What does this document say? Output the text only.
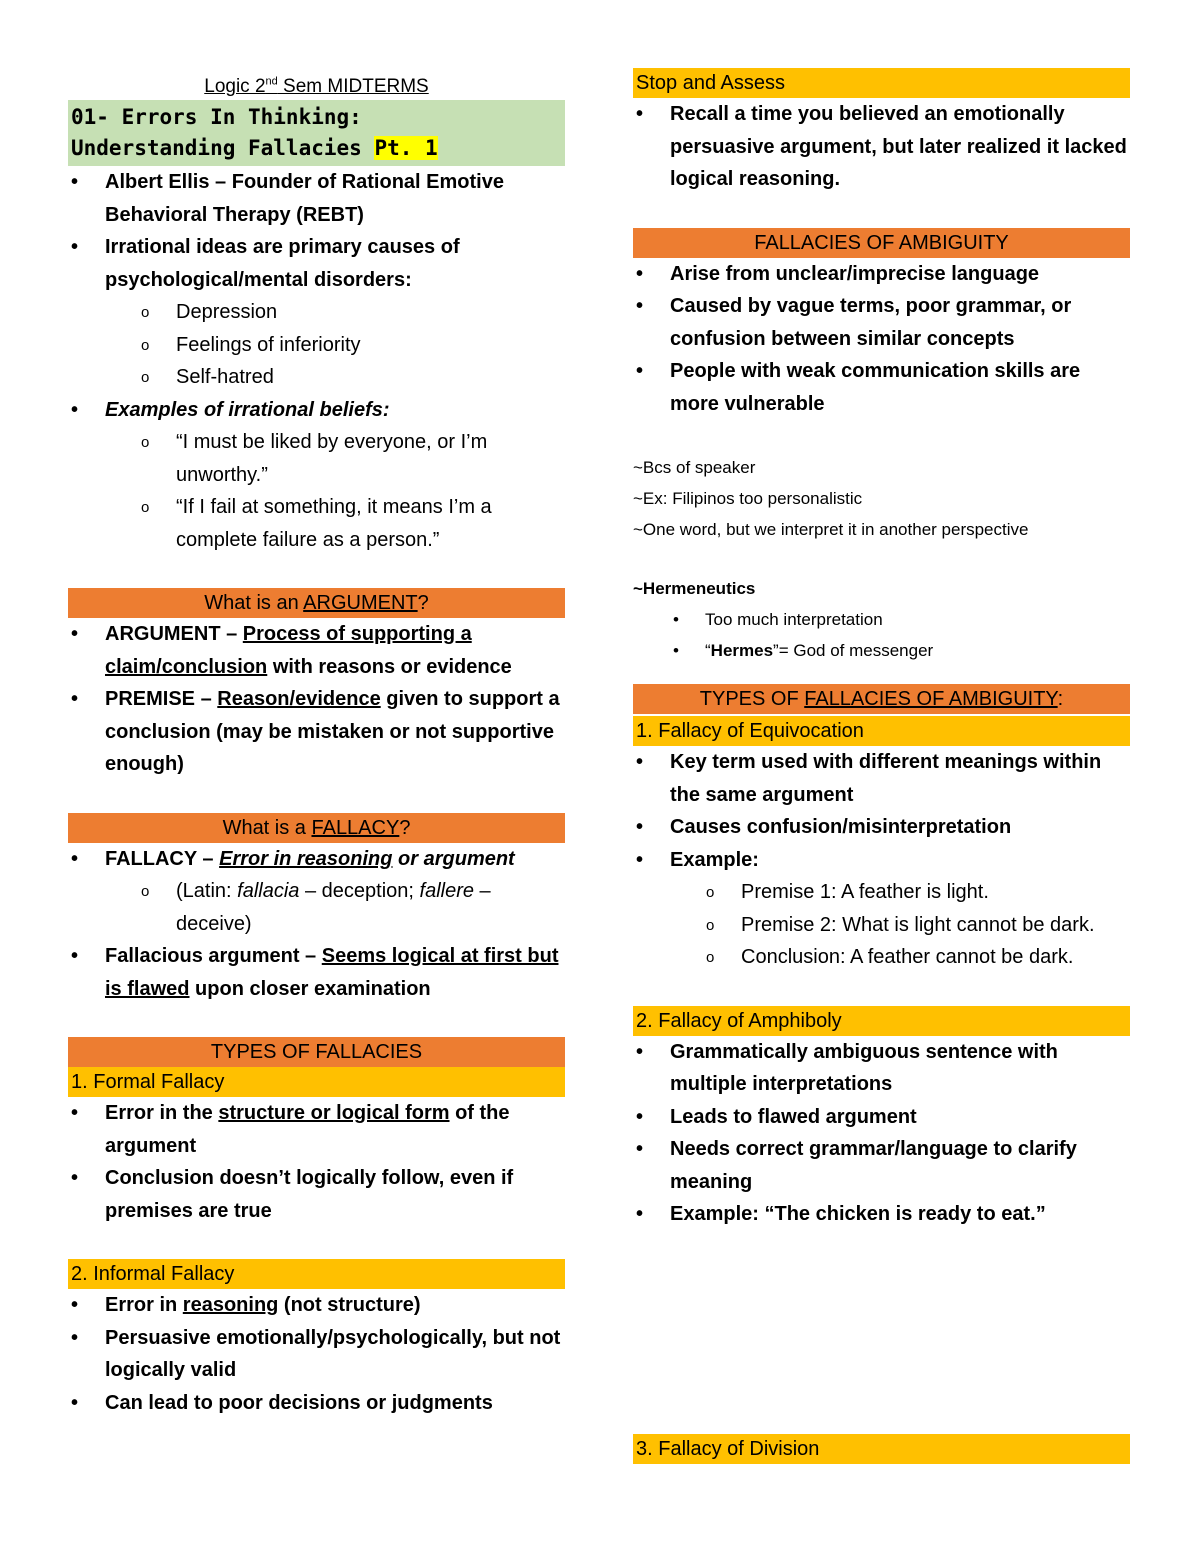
Logic 2nd Sem MIDTERMS
01- Errors In Thinking:
Understanding Fallacies Pt. 1
• Albert Ellis – Founder of Rational Emotive Behavioral Therapy (REBT)
• Irrational ideas are primary causes of psychological/mental disorders:
o Depression
o Feelings of inferiority
o Self-hatred
• Examples of irrational beliefs:
o “I must be liked by everyone, or I’m unworthy.”
o “If I fail at something, it means I’m a complete failure as a person.”
What is an ARGUMENT?
• ARGUMENT – Process of supporting a claim/conclusion with reasons or evidence
• PREMISE – Reason/evidence given to support a conclusion (may be mistaken or not supportive enough)
What is a FALLACY?
• FALLACY – Error in reasoning or argument
o (Latin: fallacia – deception; fallere – deceive)
• Fallacious argument – Seems logical at first but is flawed upon closer examination
TYPES OF FALLACIES
1. Formal Fallacy
• Error in the structure or logical form of the argument
• Conclusion doesn’t logically follow, even if premises are true
2. Informal Fallacy
• Error in reasoning (not structure)
• Persuasive emotionally/psychologically, but not logically valid
• Can lead to poor decisions or judgments
Stop and Assess
• Recall a time you believed an emotionally persuasive argument, but later realized it lacked logical reasoning.
FALLACIES OF AMBIGUITY
• Arise from unclear/imprecise language
• Caused by vague terms, poor grammar, or confusion between similar concepts
• People with weak communication skills are more vulnerable
~Bcs of speaker
~Ex: Filipinos too personalistic
~One word, but we interpret it in another perspective
~Hermeneutics
• Too much interpretation
• “Hermes”= God of messenger
TYPES OF FALLACIES OF AMBIGUITY:
1. Fallacy of Equivocation
• Key term used with different meanings within the same argument
• Causes confusion/misinterpretation
• Example:
o Premise 1: A feather is light.
o Premise 2: What is light cannot be dark.
o Conclusion: A feather cannot be dark.
2. Fallacy of Amphiboly
• Grammatically ambiguous sentence with multiple interpretations
• Leads to flawed argument
• Needs correct grammar/language to clarify meaning
• Example: “The chicken is ready to eat.”
3. Fallacy of Division
